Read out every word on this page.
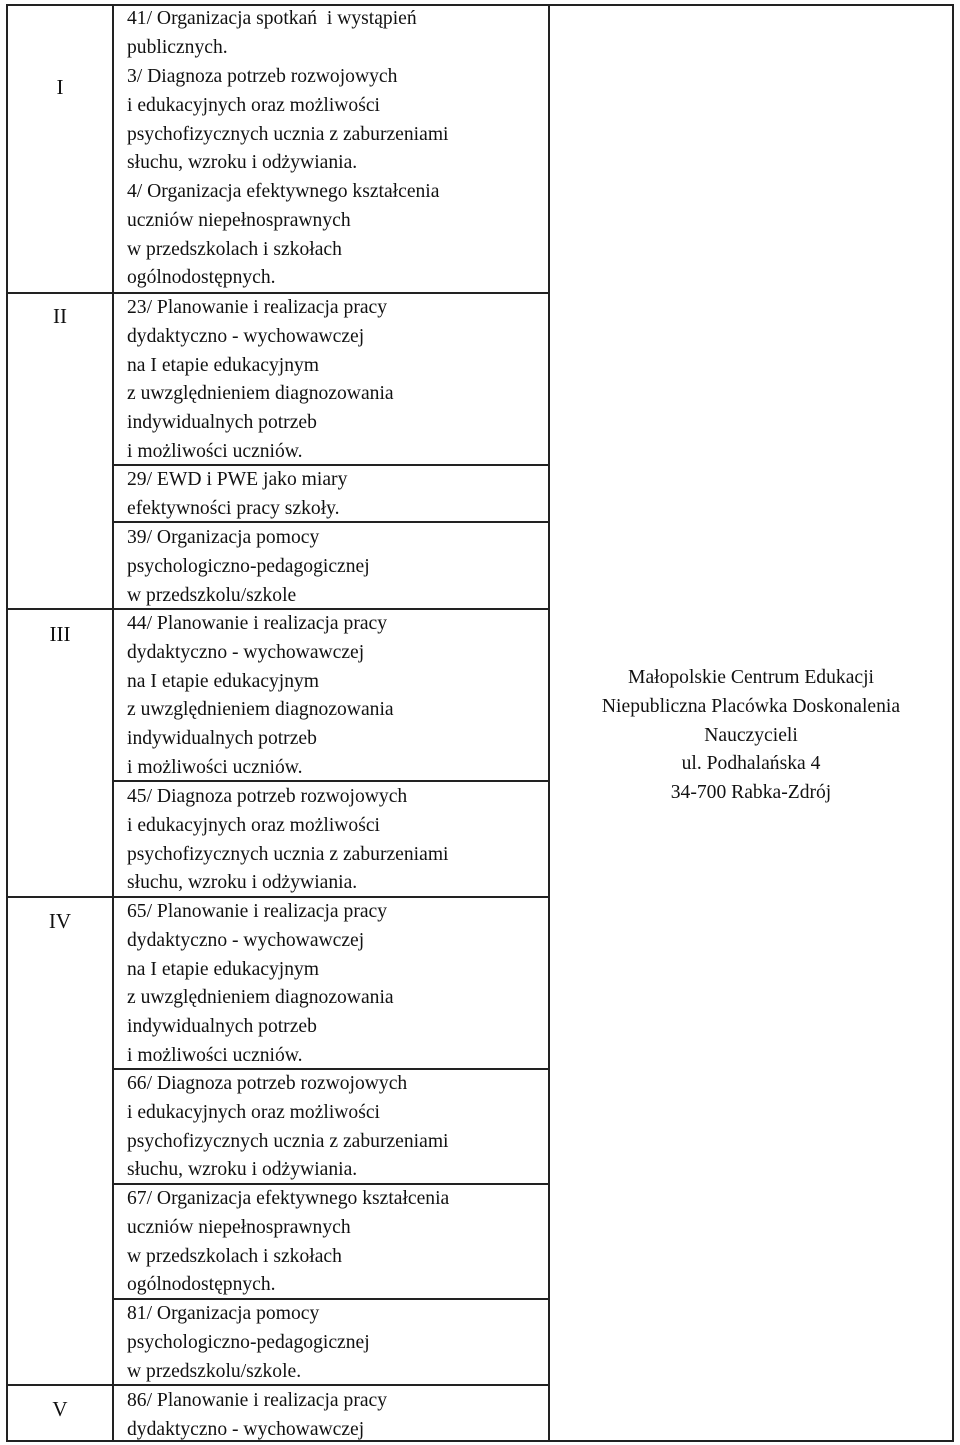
I
II
III
IV
V
41/ Organizacja spotkań  i wystąpień
publicznych.
3/ Diagnoza potrzeb rozwojowych
i edukacyjnych oraz możliwości
psychofizycznych ucznia z zaburzeniami
słuchu, wzroku i odżywiania.
4/ Organizacja efektywnego kształcenia
uczniów niepełnosprawnych
w przedszkolach i szkołach
ogólnodostępnych.
23/ Planowanie i realizacja pracy
dydaktyczno - wychowawczej
na I etapie edukacyjnym
z uwzględnieniem diagnozowania
indywidualnych potrzeb
i możliwości uczniów.
29/ EWD i PWE jako miary
efektywności pracy szkoły.
39/ Organizacja pomocy
psychologiczno-pedagogicznej
w przedszkolu/szkole
44/ Planowanie i realizacja pracy
dydaktyczno - wychowawczej
na I etapie edukacyjnym
z uwzględnieniem diagnozowania
indywidualnych potrzeb
i możliwości uczniów.
45/ Diagnoza potrzeb rozwojowych
i edukacyjnych oraz możliwości
psychofizycznych ucznia z zaburzeniami
słuchu, wzroku i odżywiania.
65/ Planowanie i realizacja pracy
dydaktyczno - wychowawczej
na I etapie edukacyjnym
z uwzględnieniem diagnozowania
indywidualnych potrzeb
i możliwości uczniów.
66/ Diagnoza potrzeb rozwojowych
i edukacyjnych oraz możliwości
psychofizycznych ucznia z zaburzeniami
słuchu, wzroku i odżywiania.
67/ Organizacja efektywnego kształcenia
uczniów niepełnosprawnych
w przedszkolach i szkołach
ogólnodostępnych.
81/ Organizacja pomocy
psychologiczno-pedagogicznej
w przedszkolu/szkole.
86/ Planowanie i realizacja pracy
dydaktyczno - wychowawczej
Małopolskie Centrum Edukacji
Niepubliczna Placówka Doskonalenia
Nauczycieli
ul. Podhalańska 4
34-700 Rabka-Zdrój
